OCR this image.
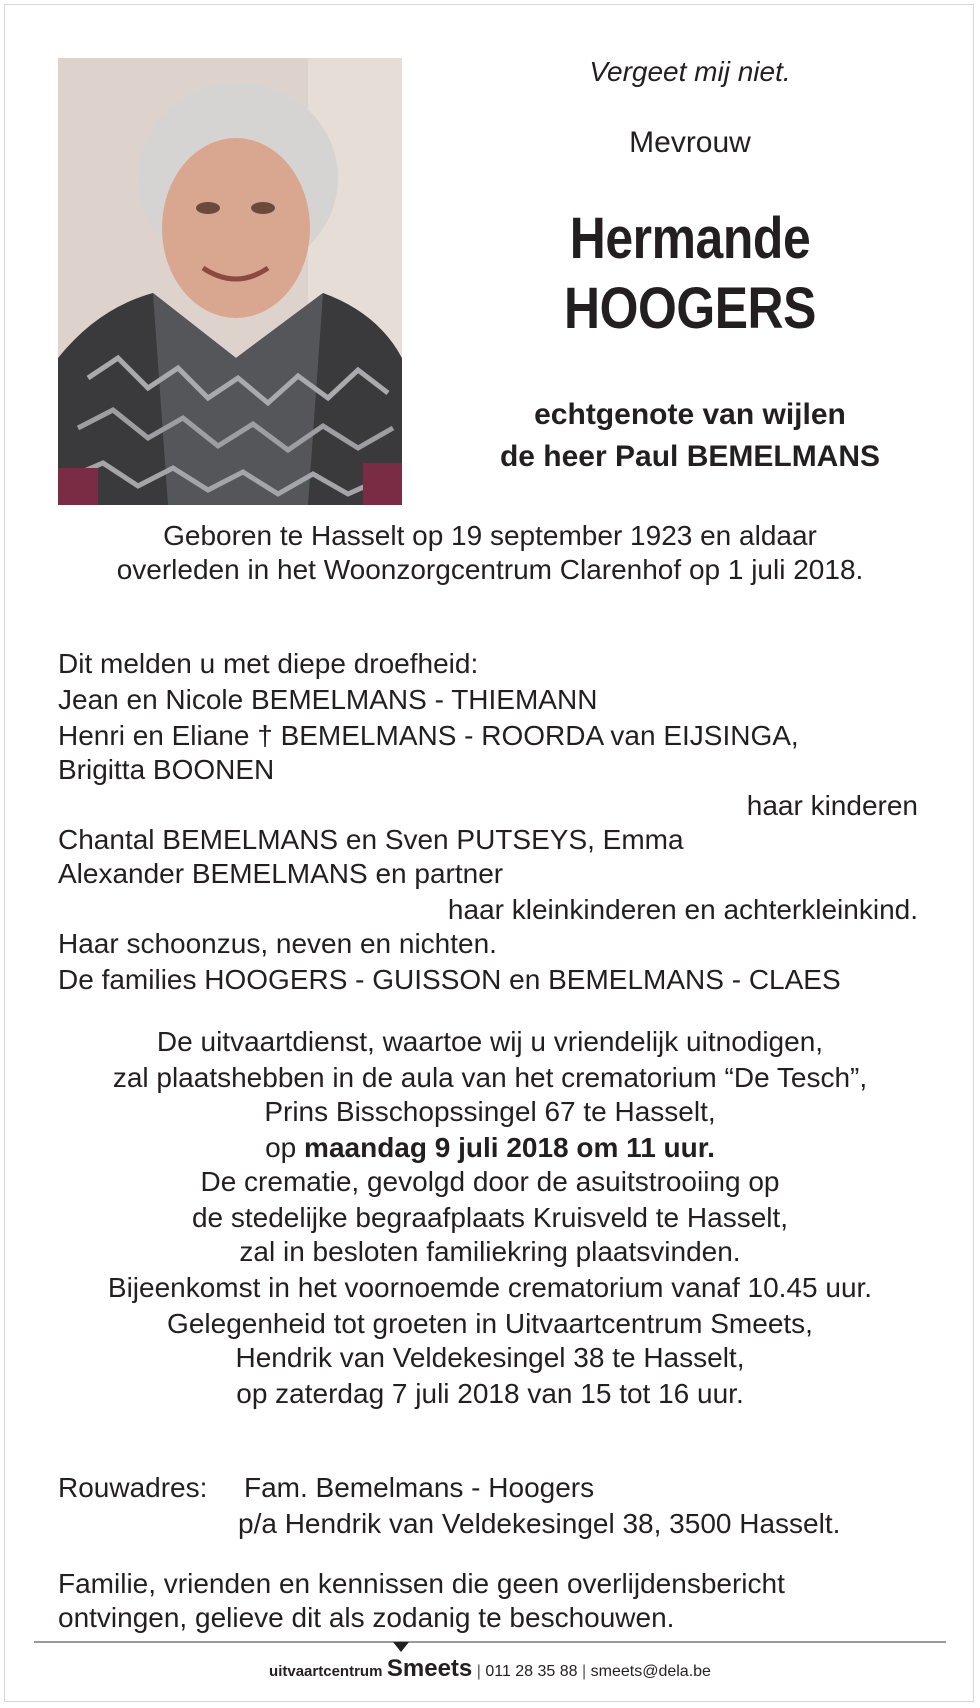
Vergeet mij niet.
Mevrouw
Hermande
HOOGERS
echtgenote van wijlen
de heer Paul BEMELMANS
Geboren te Hasselt op 19 september 1923 en aldaar
overleden in het Woonzorgcentrum Clarenhof op 1 juli 2018.
Dit melden u met diepe droefheid:
Jean en Nicole BEMELMANS - THIEMANN
Henri en Eliane † BEMELMANS - ROORDA van EIJSINGA,
Brigitta BOONEN
haar kinderen
Chantal BEMELMANS en Sven PUTSEYS, Emma
Alexander BEMELMANS en partner
haar kleinkinderen en achterkleinkind.
Haar schoonzus, neven en nichten.
De families HOOGERS - GUISSON en BEMELMANS - CLAES
De uitvaartdienst, waartoe wij u vriendelijk uitnodigen,
zal plaatshebben in de aula van het crematorium “De Tesch”,
Prins Bisschopssingel 67 te Hasselt,
op maandag 9 juli 2018 om 11 uur.
De crematie, gevolgd door de asuitstrooiing op
de stedelijke begraafplaats Kruisveld te Hasselt,
zal in besloten familiekring plaatsvinden.
Bijeenkomst in het voornoemde crematorium vanaf 10.45 uur.
Gelegenheid tot groeten in Uitvaartcentrum Smeets,
Hendrik van Veldekesingel 38 te Hasselt,
op zaterdag 7 juli 2018 van 15 tot 16 uur.
Rouwadres: Fam. Bemelmans - Hoogers
p/a Hendrik van Veldekesingel 38, 3500 Hasselt.
Familie, vrienden en kennissen die geen overlijdensbericht
ontvingen, gelieve dit als zodanig te beschouwen.
uitvaartcentrum Smeets | 011 28 35 88 | smeets@dela.be
